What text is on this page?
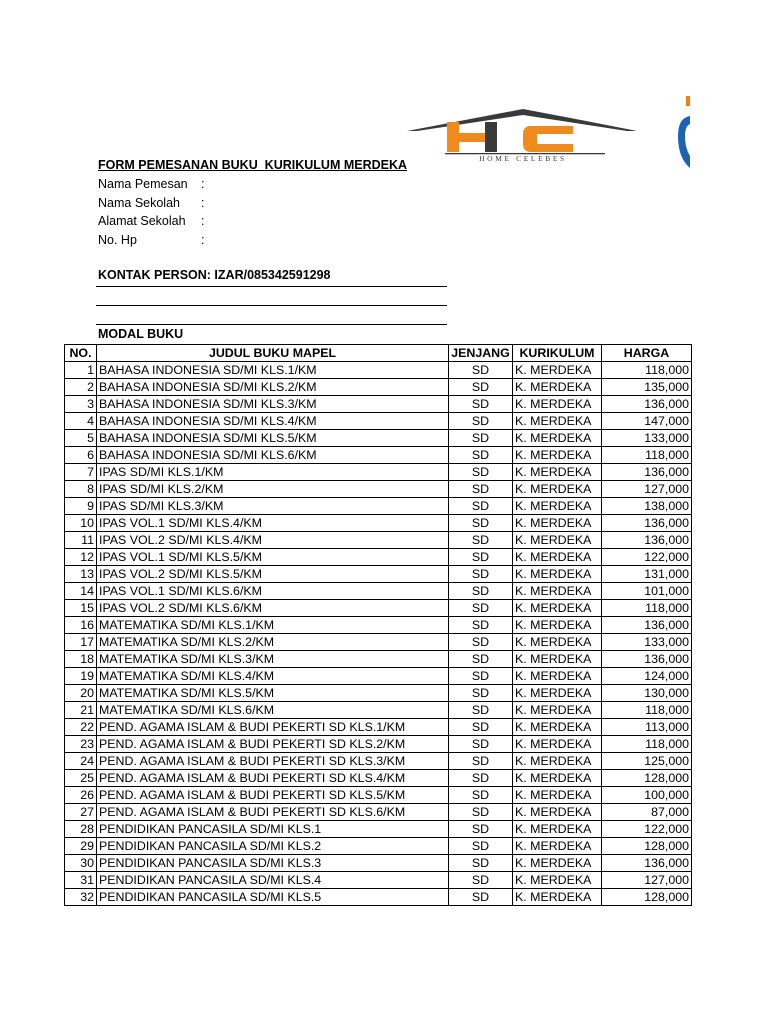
HOME CELEBES
FORM PEMESANAN BUKU  KURIKULUM MERDEKA
Nama Pemesan	:
Nama Sekolah	:
Alamat Sekolah	:
No. Hp	:
KONTAK PERSON: IZAR/085342591298
MODAL BUKU
NO.	JUDUL BUKU MAPEL	JENJANG	KURIKULUM	HARGA
1	BAHASA INDONESIA SD/MI KLS.1/KM	SD	K. MERDEKA	118,000
2	BAHASA INDONESIA SD/MI KLS.2/KM	SD	K. MERDEKA	135,000
3	BAHASA INDONESIA SD/MI KLS.3/KM	SD	K. MERDEKA	136,000
4	BAHASA INDONESIA SD/MI KLS.4/KM	SD	K. MERDEKA	147,000
5	BAHASA INDONESIA SD/MI KLS.5/KM	SD	K. MERDEKA	133,000
6	BAHASA INDONESIA SD/MI KLS.6/KM	SD	K. MERDEKA	118,000
7	IPAS SD/MI KLS.1/KM	SD	K. MERDEKA	136,000
8	IPAS SD/MI KLS.2/KM	SD	K. MERDEKA	127,000
9	IPAS SD/MI KLS.3/KM	SD	K. MERDEKA	138,000
10	IPAS VOL.1 SD/MI KLS.4/KM	SD	K. MERDEKA	136,000
11	IPAS VOL.2 SD/MI KLS.4/KM	SD	K. MERDEKA	136,000
12	IPAS VOL.1 SD/MI KLS.5/KM	SD	K. MERDEKA	122,000
13	IPAS VOL.2 SD/MI KLS.5/KM	SD	K. MERDEKA	131,000
14	IPAS VOL.1 SD/MI KLS.6/KM	SD	K. MERDEKA	101,000
15	IPAS VOL.2 SD/MI KLS.6/KM	SD	K. MERDEKA	118,000
16	MATEMATIKA SD/MI KLS.1/KM	SD	K. MERDEKA	136,000
17	MATEMATIKA SD/MI KLS.2/KM	SD	K. MERDEKA	133,000
18	MATEMATIKA SD/MI KLS.3/KM	SD	K. MERDEKA	136,000
19	MATEMATIKA SD/MI KLS.4/KM	SD	K. MERDEKA	124,000
20	MATEMATIKA SD/MI KLS.5/KM	SD	K. MERDEKA	130,000
21	MATEMATIKA SD/MI KLS.6/KM	SD	K. MERDEKA	118,000
22	PEND. AGAMA ISLAM & BUDI PEKERTI SD KLS.1/KM	SD	K. MERDEKA	113,000
23	PEND. AGAMA ISLAM & BUDI PEKERTI SD KLS.2/KM	SD	K. MERDEKA	118,000
24	PEND. AGAMA ISLAM & BUDI PEKERTI SD KLS.3/KM	SD	K. MERDEKA	125,000
25	PEND. AGAMA ISLAM & BUDI PEKERTI SD KLS.4/KM	SD	K. MERDEKA	128,000
26	PEND. AGAMA ISLAM & BUDI PEKERTI SD KLS.5/KM	SD	K. MERDEKA	100,000
27	PEND. AGAMA ISLAM & BUDI PEKERTI SD KLS.6/KM	SD	K. MERDEKA	87,000
28	PENDIDIKAN PANCASILA SD/MI KLS.1	SD	K. MERDEKA	122,000
29	PENDIDIKAN PANCASILA SD/MI KLS.2	SD	K. MERDEKA	128,000
30	PENDIDIKAN PANCASILA SD/MI KLS.3	SD	K. MERDEKA	136,000
31	PENDIDIKAN PANCASILA SD/MI KLS.4	SD	K. MERDEKA	127,000
32	PENDIDIKAN PANCASILA SD/MI KLS.5	SD	K. MERDEKA	128,000
